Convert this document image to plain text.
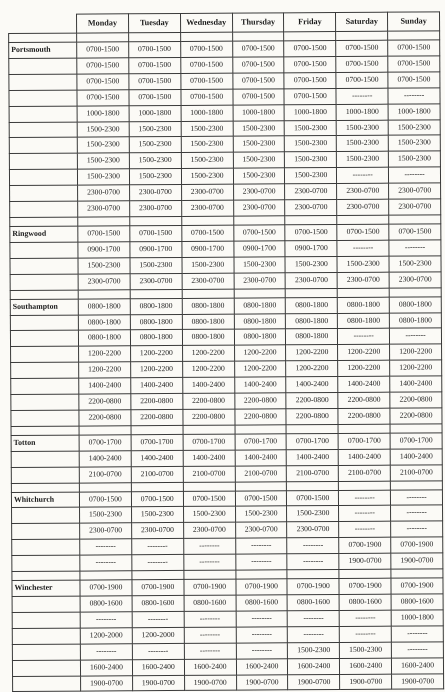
	Monday	Tuesday	Wednesday	Thursday	Friday	Saturday	Sunday

Portsmouth	0700-1500	0700-1500	0700-1500	0700-1500	0700-1500	0700-1500	0700-1500
	0700-1500	0700-1500	0700-1500	0700-1500	0700-1500	0700-1500	0700-1500
	0700-1500	0700-1500	0700-1500	0700-1500	0700-1500	0700-1500	0700-1500
	0700-1500	0700-1500	0700-1500	0700-1500	0700-1500	--------	--------
	1000-1800	1000-1800	1000-1800	1000-1800	1000-1800	1000-1800	1000-1800
	1500-2300	1500-2300	1500-2300	1500-2300	1500-2300	1500-2300	1500-2300
	1500-2300	1500-2300	1500-2300	1500-2300	1500-2300	1500-2300	1500-2300
	1500-2300	1500-2300	1500-2300	1500-2300	1500-2300	1500-2300	1500-2300
	1500-2300	1500-2300	1500-2300	1500-2300	1500-2300	--------	--------
	2300-0700	2300-0700	2300-0700	2300-0700	2300-0700	2300-0700	2300-0700
	2300-0700	2300-0700	2300-0700	2300-0700	2300-0700	2300-0700	2300-0700

Ringwood	0700-1500	0700-1500	0700-1500	0700-1500	0700-1500	0700-1500	0700-1500
	0900-1700	0900-1700	0900-1700	0900-1700	0900-1700	--------	--------
	1500-2300	1500-2300	1500-2300	1500-2300	1500-2300	1500-2300	1500-2300
	2300-0700	2300-0700	2300-0700	2300-0700	2300-0700	2300-0700	2300-0700

Southampton	0800-1800	0800-1800	0800-1800	0800-1800	0800-1800	0800-1800	0800-1800
	0800-1800	0800-1800	0800-1800	0800-1800	0800-1800	0800-1800	0800-1800
	0800-1800	0800-1800	0800-1800	0800-1800	0800-1800	--------	--------
	1200-2200	1200-2200	1200-2200	1200-2200	1200-2200	1200-2200	1200-2200
	1200-2200	1200-2200	1200-2200	1200-2200	1200-2200	1200-2200	1200-2200
	1400-2400	1400-2400	1400-2400	1400-2400	1400-2400	1400-2400	1400-2400
	2200-0800	2200-0800	2200-0800	2200-0800	2200-0800	2200-0800	2200-0800
	2200-0800	2200-0800	2200-0800	2200-0800	2200-0800	2200-0800	2200-0800

Totton	0700-1700	0700-1700	0700-1700	0700-1700	0700-1700	0700-1700	0700-1700
	1400-2400	1400-2400	1400-2400	1400-2400	1400-2400	1400-2400	1400-2400
	2100-0700	2100-0700	2100-0700	2100-0700	2100-0700	2100-0700	2100-0700

Whitchurch	0700-1500	0700-1500	0700-1500	0700-1500	0700-1500	--------	--------
	1500-2300	1500-2300	1500-2300	1500-2300	1500-2300	--------	--------
	2300-0700	2300-0700	2300-0700	2300-0700	2300-0700	--------	--------
	--------	--------	--------	--------	--------	0700-1900	0700-1900
	--------	--------	--------	--------	--------	1900-0700	1900-0700

Winchester	0700-1900	0700-1900	0700-1900	0700-1900	0700-1900	0700-1900	0700-1900
	0800-1600	0800-1600	0800-1600	0800-1600	0800-1600	0800-1600	0800-1600
	--------	--------	--------	--------	--------	--------	1000-1800
	1200-2000	1200-2000	--------	--------	--------	--------	--------
	--------	--------	--------	--------	1500-2300	1500-2300	--------
	1600-2400	1600-2400	1600-2400	1600-2400	1600-2400	1600-2400	1600-2400
	1900-0700	1900-0700	1900-0700	1900-0700	1900-0700	1900-0700	1900-0700
